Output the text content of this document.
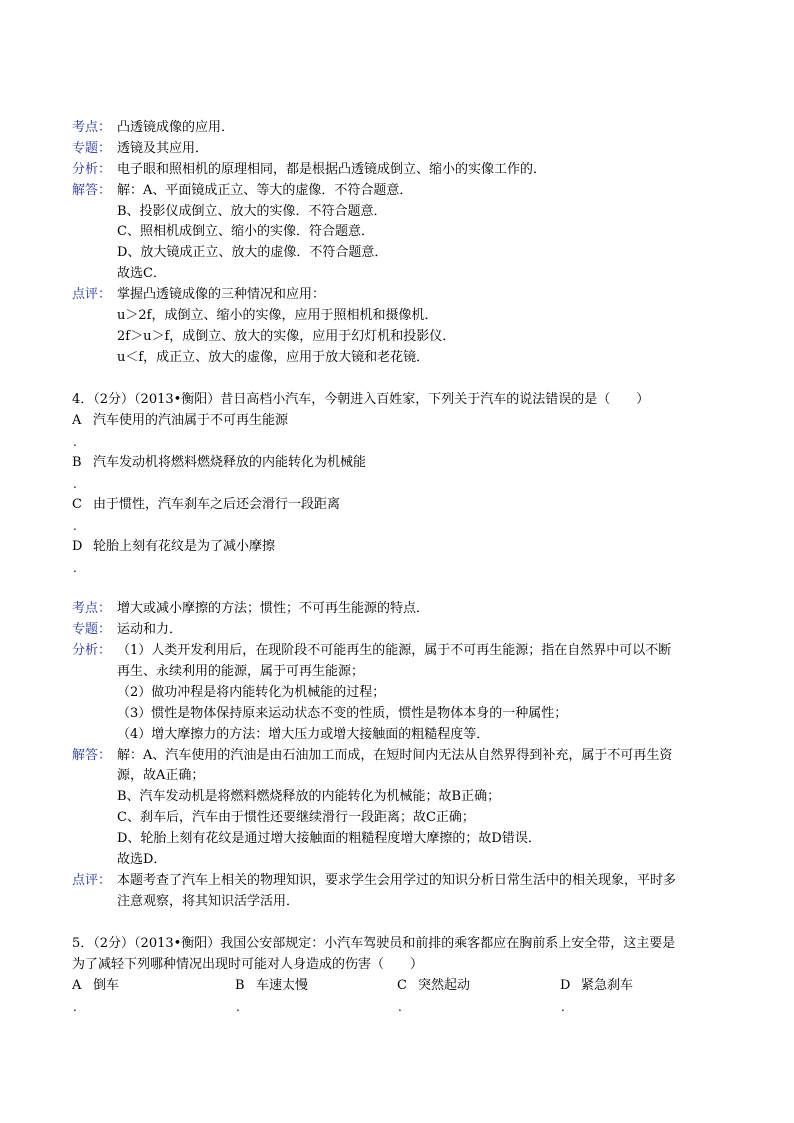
考点： 凸透镜成像的应用．
专题： 透镜及其应用．
分析： 电子眼和照相机的原理相同，都是根据凸透镜成倒立、缩小的实像工作的．
解答： 解：A、平面镜成正立、等大的虚像．不符合题意．
B、投影仪成倒立、放大的实像．不符合题意．
C、照相机成倒立、缩小的实像．符合题意．
D、放大镜成正立、放大的虚像．不符合题意．
故选C．
点评： 掌握凸透镜成像的三种情况和应用：
u＞2f，成倒立、缩小的实像，应用于照相机和摄像机．
2f＞u＞f，成倒立、放大的实像，应用于幻灯机和投影仪．
u＜f，成正立、放大的虚像，应用于放大镜和老花镜．
4．（2分）（2013•衡阳）昔日高档小汽车，今朝进入百姓家，下列关于汽车的说法错误的是（　　）
A 汽车使用的汽油属于不可再生能源
.
B 汽车发动机将燃料燃烧释放的内能转化为机械能
.
C 由于惯性，汽车刹车之后还会滑行一段距离
.
D 轮胎上刻有花纹是为了减小摩擦
.
考点： 增大或减小摩擦的方法；惯性；不可再生能源的特点．
专题： 运动和力．
分析： （1）人类开发利用后，在现阶段不可能再生的能源，属于不可再生能源；指在自然界中可以不断
再生、永续利用的能源，属于可再生能源；
（2）做功冲程是将内能转化为机械能的过程；
（3）惯性是物体保持原来运动状态不变的性质，惯性是物体本身的一种属性；
（4）增大摩擦力的方法：增大压力或增大接触面的粗糙程度等．
解答： 解：A、汽车使用的汽油是由石油加工而成，在短时间内无法从自然界得到补充，属于不可再生资
源，故A正确；
B、汽车发动机是将燃料燃烧释放的内能转化为机械能；故B正确；
C、刹车后，汽车由于惯性还要继续滑行一段距离；故C正确；
D、轮胎上刻有花纹是通过增大接触面的粗糙程度增大摩擦的；故D错误．
故选D．
点评： 本题考查了汽车上相关的物理知识，要求学生会用学过的知识分析日常生活中的相关现象，平时多
注意观察，将其知识活学活用．
5．（2分）（2013•衡阳）我国公安部规定：小汽车驾驶员和前排的乘客都应在胸前系上安全带，这主要是
为了减轻下列哪种情况出现时可能对人身造成的伤害（　　）
A 倒车
.
B 车速太慢
.
C 突然起动
.
D 紧急刹车
.
